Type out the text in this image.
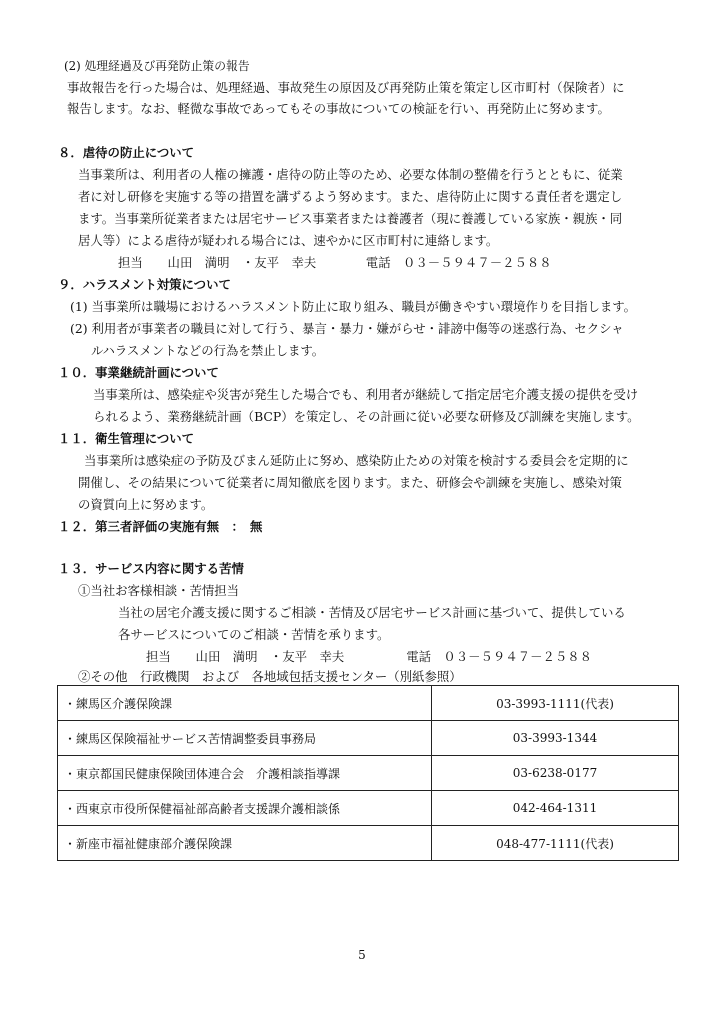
(2) 処理経過及び再発防止策の報告
事故報告を行った場合は、処理経過、事故発生の原因及び再発防止策を策定し区市町村（保険者）に
報告します。なお、軽微な事故であってもその事故についての検証を行い、再発防止に努めます。
８．虐待の防止について
当事業所は、利用者の人権の擁護・虐待の防止等のため、必要な体制の整備を行うとともに、従業
者に対し研修を実施する等の措置を講ずるよう努めます。また、虐待防止に関する責任者を選定し
ます。当事業所従業者または居宅サービス事業者または養護者（現に養護している家族・親族・同
居人等）による虐待が疑われる場合には、速やかに区市町村に連絡します。
担当　　山田　満明　・友平　幸夫　　　　電話　０３－５９４７－２５８８
９．ハラスメント対策について
(1) 当事業所は職場におけるハラスメント防止に取り組み、職員が働きやすい環境作りを目指します。
(2) 利用者が事業者の職員に対して行う、暴言・暴力・嫌がらせ・誹謗中傷等の迷惑行為、セクシャ
ルハラスメントなどの行為を禁止します。
１０．事業継続計画について
当事業所は、感染症や災害が発生した場合でも、利用者が継続して指定居宅介護支援の提供を受け
られるよう、業務継続計画（BCP）を策定し、その計画に従い必要な研修及び訓練を実施します。
１１．衛生管理について
当事業所は感染症の予防及びまん延防止に努め、感染防止ための対策を検討する委員会を定期的に
開催し、その結果について従業者に周知徹底を図ります。また、研修会や訓練を実施し、感染対策
の資質向上に努めます。
１２．第三者評価の実施有無　：　無
１３．サービス内容に関する苦情
①当社お客様相談・苦情担当
当社の居宅介護支援に関するご相談・苦情及び居宅サービス計画に基づいて、提供している
各サービスについてのご相談・苦情を承ります。
担当　　山田　満明　・友平　幸夫　　　　　電話　０３－５９４７－２５８８
②その他　行政機関　および　各地域包括支援センター（別紙参照）
・練馬区介護保険課	03-3993-1111(代表)
・練馬区保険福祉サービス苦情調整委員事務局	03-3993-1344
・東京都国民健康保険団体連合会　介護相談指導課	03-6238-0177
・西東京市役所保健福祉部高齢者支援課介護相談係	042-464-1311
・新座市福祉健康部介護保険課	048-477-1111(代表)
5
